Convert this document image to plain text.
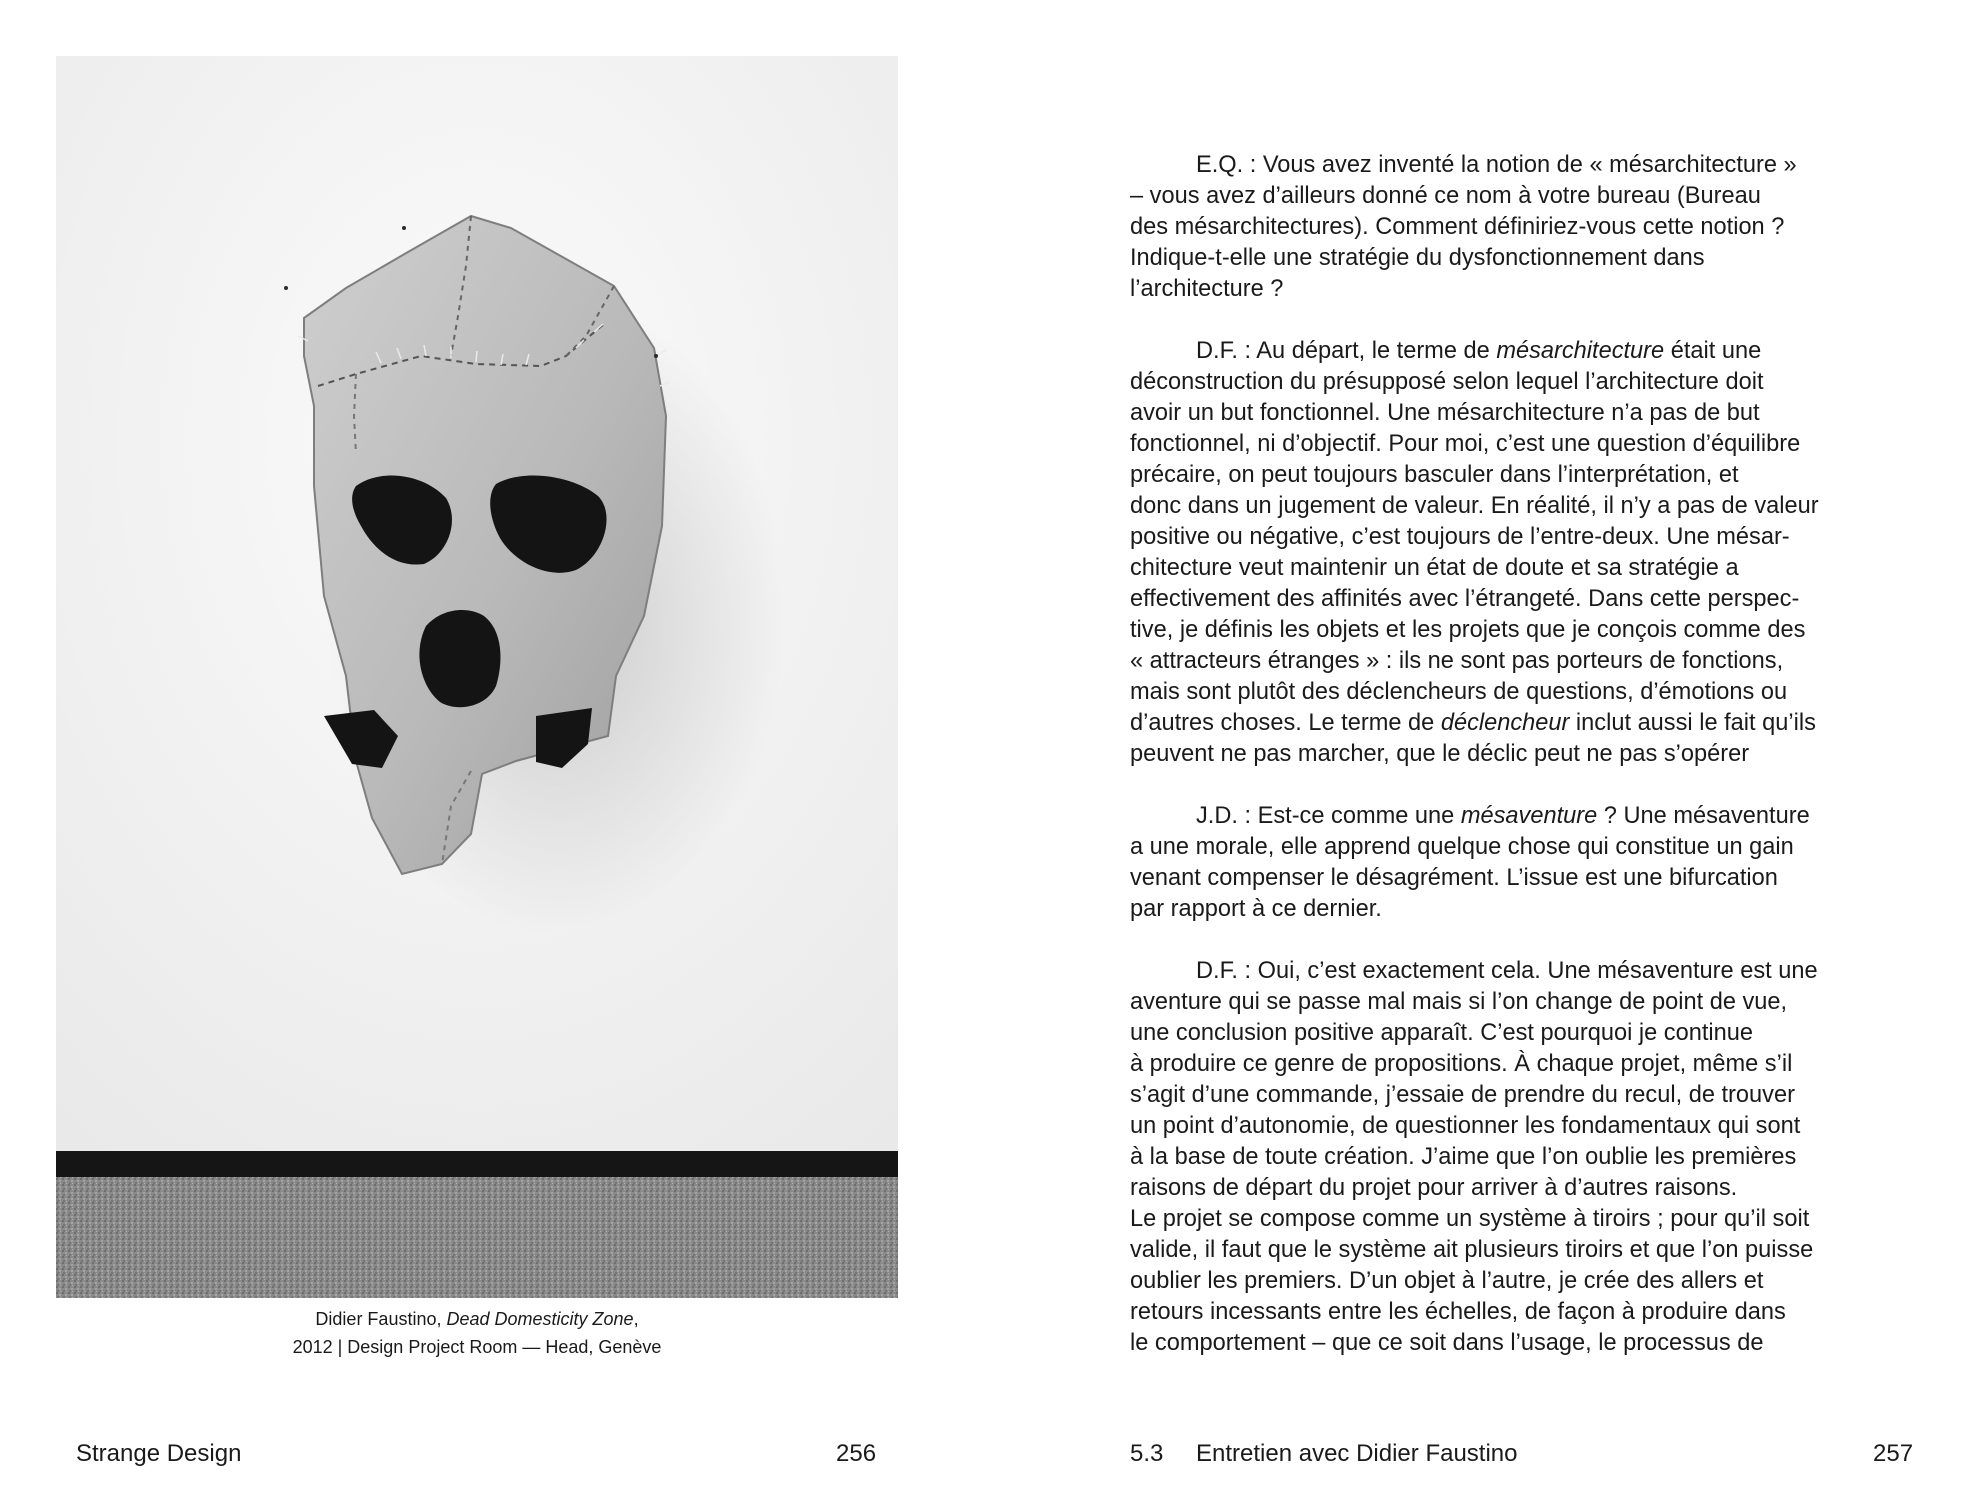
Didier Faustino, Dead Domesticity Zone,
2012 | Design Project Room — Head, Genève
E.Q. : Vous avez inventé la notion de « mésarchitecture »
– vous avez d’ailleurs donné ce nom à votre bureau (Bureau
des mésarchitectures). Comment définiriez-vous cette notion ?
Indique-t-elle une stratégie du dysfonctionnement dans
l’architecture ?
D.F. : Au départ, le terme de mésarchitecture était une
déconstruction du présupposé selon lequel l’architecture doit
avoir un but fonctionnel. Une mésarchitecture n’a pas de but
fonctionnel, ni d’objectif. Pour moi, c’est une question d’équilibre
précaire, on peut toujours basculer dans l’interprétation, et
donc dans un jugement de valeur. En réalité, il n’y a pas de valeur
positive ou négative, c’est toujours de l’entre-deux. Une mésar-
chitecture veut maintenir un état de doute et sa stratégie a
effectivement des affinités avec l’étrangeté. Dans cette perspec-
tive, je définis les objets et les projets que je conçois comme des
« attracteurs étranges » : ils ne sont pas porteurs de fonctions,
mais sont plutôt des déclencheurs de questions, d’émotions ou
d’autres choses. Le terme de déclencheur inclut aussi le fait qu’ils
peuvent ne pas marcher, que le déclic peut ne pas s’opérer
J.D. : Est-ce comme une mésaventure ? Une mésaventure
a une morale, elle apprend quelque chose qui constitue un gain
venant compenser le désagrément. L’issue est une bifurcation
par rapport à ce dernier.
D.F. : Oui, c’est exactement cela. Une mésaventure est une
aventure qui se passe mal mais si l’on change de point de vue,
une conclusion positive apparaît. C’est pourquoi je continue
à produire ce genre de propositions. À chaque projet, même s’il
s’agit d’une commande, j’essaie de prendre du recul, de trouver
un point d’autonomie, de questionner les fondamentaux qui sont
à la base de toute création. J’aime que l’on oublie les premières
raisons de départ du projet pour arriver à d’autres raisons.
Le projet se compose comme un système à tiroirs ; pour qu’il soit
valide, il faut que le système ait plusieurs tiroirs et que l’on puisse
oublier les premiers. D’un objet à l’autre, je crée des allers et
retours incessants entre les échelles, de façon à produire dans
le comportement – que ce soit dans l’usage, le processus de
Strange Design	256	5.3 Entretien avec Didier Faustino	257
